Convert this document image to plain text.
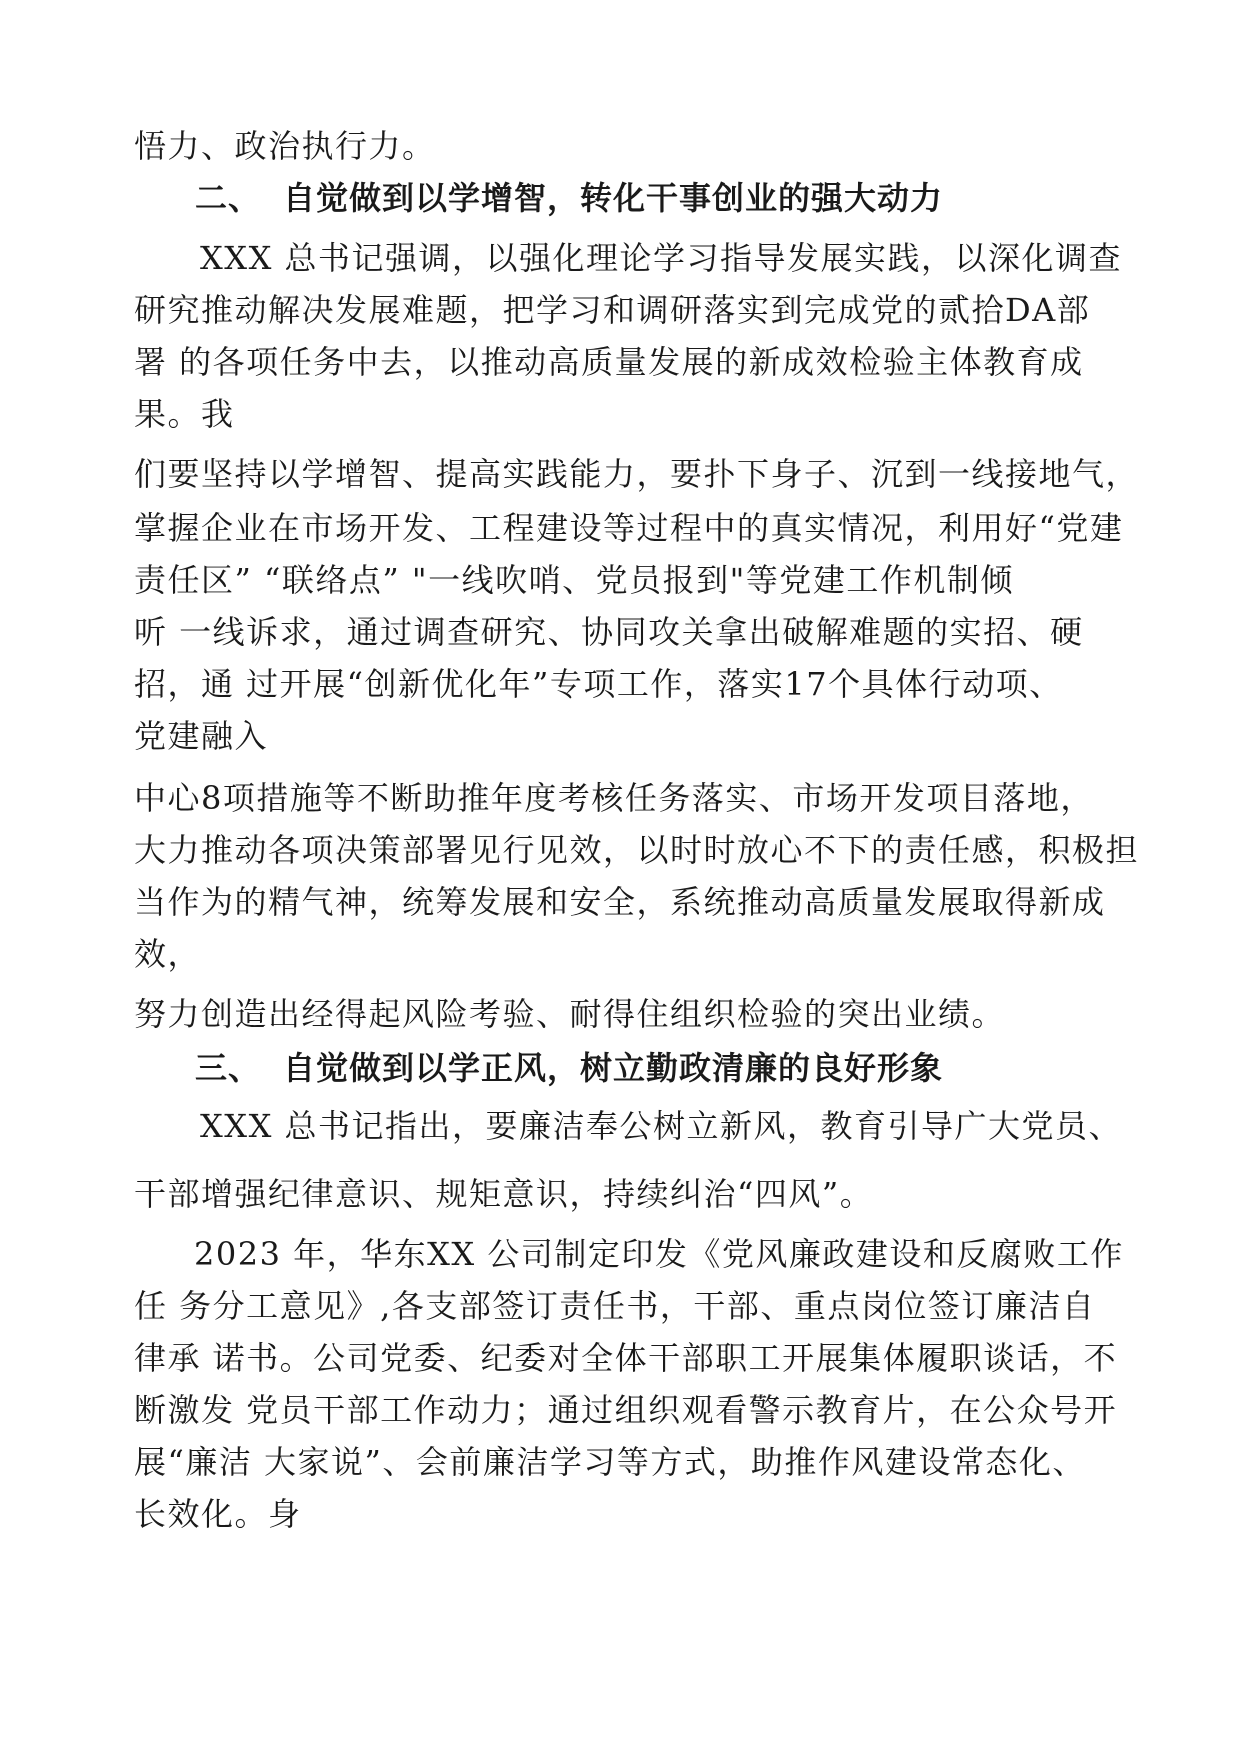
悟力、政治执行力。
二、 自觉做到以学增智，转化干事创业的强大动力
XXX 总书记强调，以强化理论学习指导发展实践，以深化调查
研究推动解决发展难题，把学习和调研落实到完成党的贰拾DA部
署 的各项任务中去，以推动高质量发展的新成效检验主体教育成
果。我
们要坚持以学增智、提高实践能力，要扑下身子、沉到一线接地气，
掌握企业在市场开发、工程建设等过程中的真实情况，利用好“党建
责任区” “联络点” "一线吹哨、党员报到"等党建工作机制倾
听 一线诉求，通过调查研究、协同攻关拿出破解难题的实招、硬
招，通 过开展“创新优化年”专项工作，落实17个具体行动项、
党建融入
中心8项措施等不断助推年度考核任务落实、市场开发项目落地，
大力推动各项决策部署见行见效，以时时放心不下的责任感，积极担
当作为的精气神，统筹发展和安全，系统推动高质量发展取得新成
效，
努力创造出经得起风险考验、耐得住组织检验的突出业绩。
三、 自觉做到以学正风，树立勤政清廉的良好形象
XXX 总书记指出，要廉洁奉公树立新风，教育引导广大党员、
干部增强纪律意识、规矩意识，持续纠治“四风”。
2023 年，华东XX 公司制定印发《党风廉政建设和反腐败工作
任 务分工意见》,各支部签订责任书，干部、重点岗位签订廉洁自
律承 诺书。公司党委、纪委对全体干部职工开展集体履职谈话，不
断激发 党员干部工作动力；通过组织观看警示教育片，在公众号开
展“廉洁 大家说”、会前廉洁学习等方式，助推作风建设常态化、
长效化。身
